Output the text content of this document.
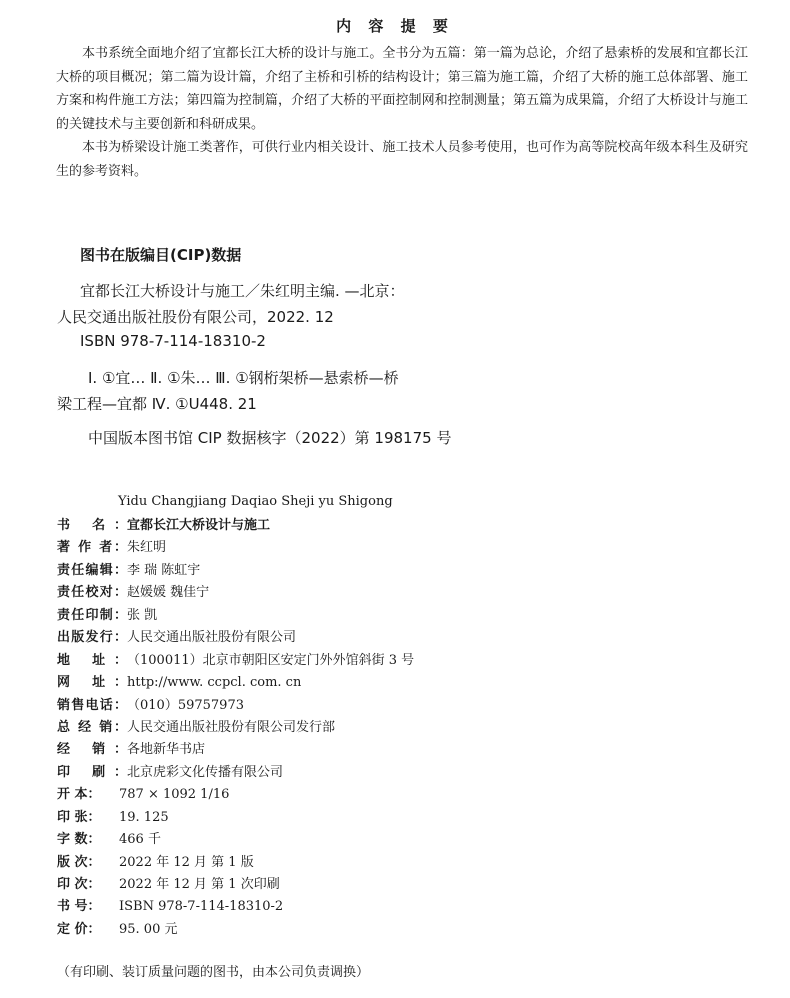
内 容 提 要

本书系统全面地介绍了宜都长江大桥的设计与施工。全书分为五篇：第一篇为总论，介绍了悬索桥的发展和宜都长江大桥的项目概况；第二篇为设计篇，介绍了主桥和引桥的结构设计；第三篇为施工篇，介绍了大桥的施工总体部署、施工方案和构件施工方法；第四篇为控制篇，介绍了大桥的平面控制网和控制测量；第五篇为成果篇，介绍了大桥设计与施工的关键技术与主要创新和科研成果。

本书为桥梁设计施工类著作，可供行业内相关设计、施工技术人员参考使用，也可作为高等院校高年级本科生及研究生的参考资料。

图书在版编目(CIP)数据
宜都长江大桥设计与施工／朱红明主编. —北京：
人民交通出版社股份有限公司，2022. 12
ISBN 978-7-114-18310-2
Ⅰ. ①宜… Ⅱ. ①朱… Ⅲ. ①钢桁架桥—悬索桥—桥
梁工程—宜都 Ⅳ. ①U448. 21
中国版本图书馆 CIP 数据核字（2022）第 198175 号
Yidu Changjiang Daqiao Sheji yu Shigong
书 名： 宜都长江大桥设计与施工
著 作 者： 朱红明
责任编辑： 李 瑞 陈虹宇
责任校对： 赵媛媛 魏佳宁
责任印制： 张 凯
出版发行： 人民交通出版社股份有限公司
地 址： （100011）北京市朝阳区安定门外外馆斜街 3 号
网 址： http://www. ccpcl. com. cn
销售电话： （010）59757973
总 经 销： 人民交通出版社股份有限公司发行部
经 销： 各地新华书店
印 刷： 北京虎彩文化传播有限公司
开 本：	787 × 1092 1/16
印 张：	19. 125
字 数：	466 千
版 次：	2022 年 12 月 第 1 版
印 次：	2022 年 12 月 第 1 次印刷
书 号：	ISBN 978-7-114-18310-2
定 价：	95. 00 元
（有印刷、装订质量问题的图书，由本公司负责调换）
